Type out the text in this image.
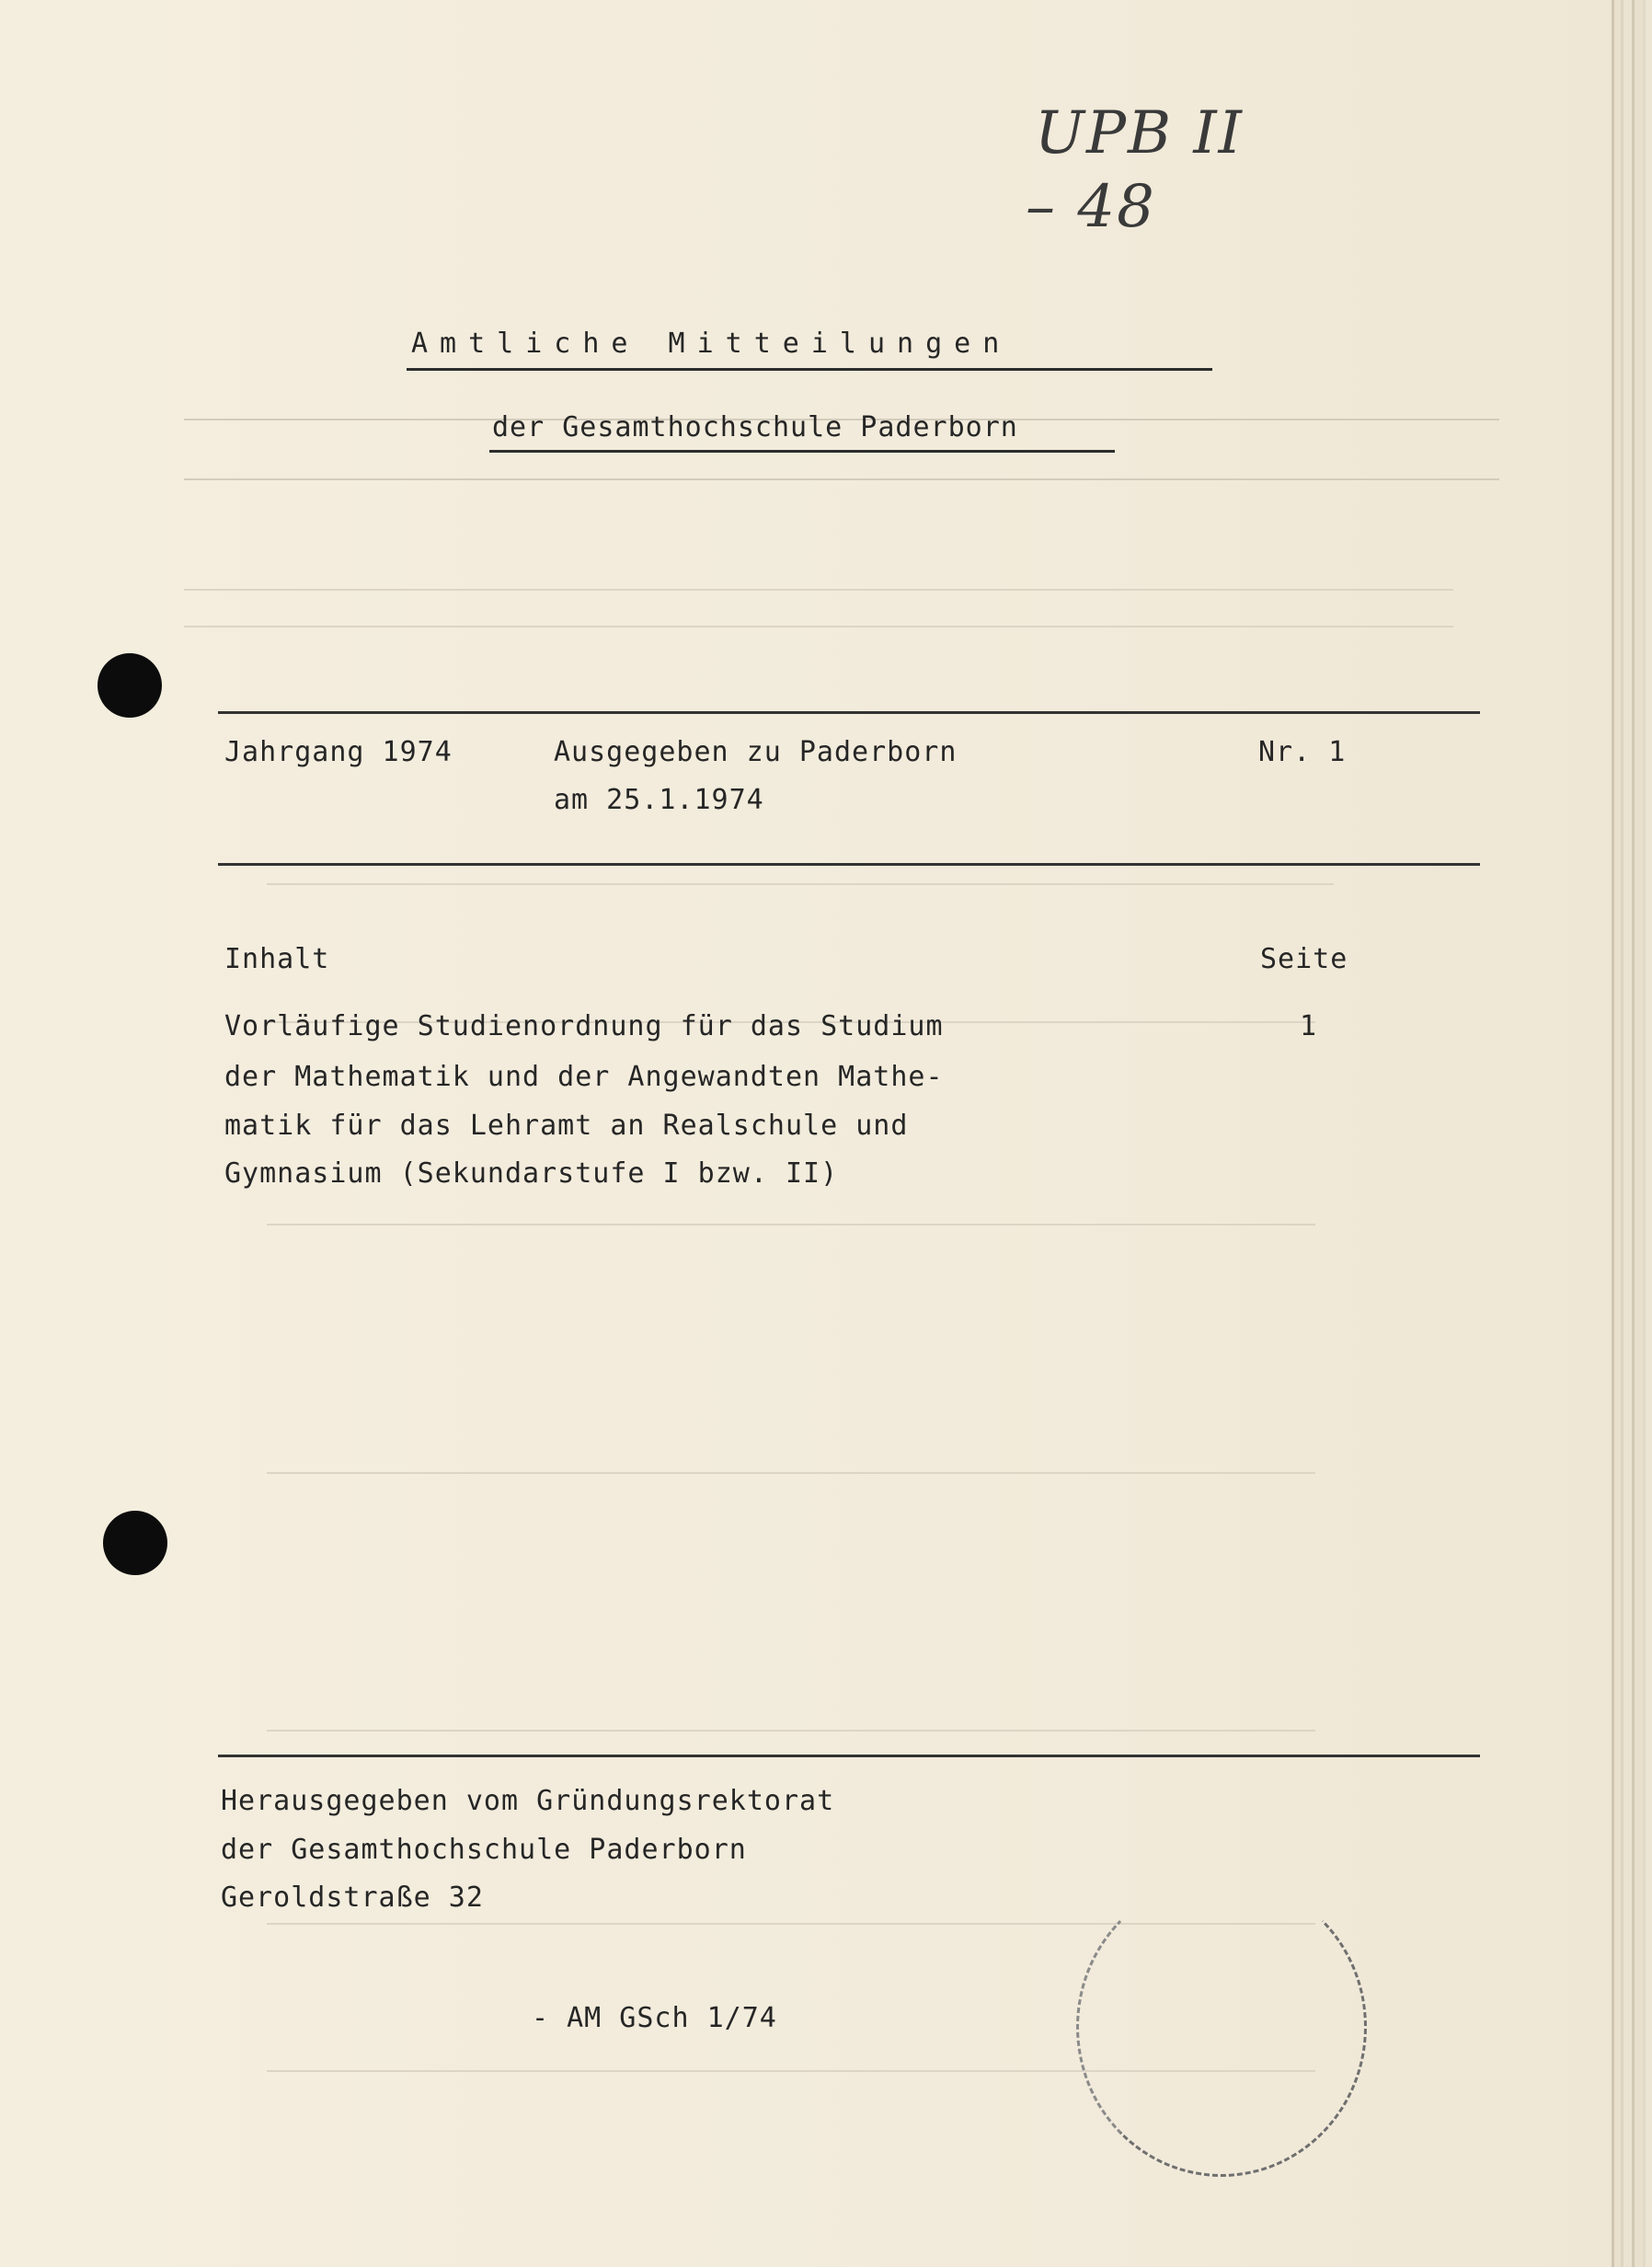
UPB II
– 48
Amtliche Mitteilungen
der Gesamthochschule Paderborn
Jahrgang 1974	Ausgegeben zu Paderborn	Nr. 1
am 25.1.1974
Inhalt	Seite
Vorläufige Studienordnung für das Studium	1
der Mathematik und der Angewandten Mathe-
matik für das Lehramt an Realschule und
Gymnasium (Sekundarstufe I bzw. II)
Herausgegeben vom Gründungsrektorat
der Gesamthochschule Paderborn
Geroldstraße 32
- AM GSch 1/74
